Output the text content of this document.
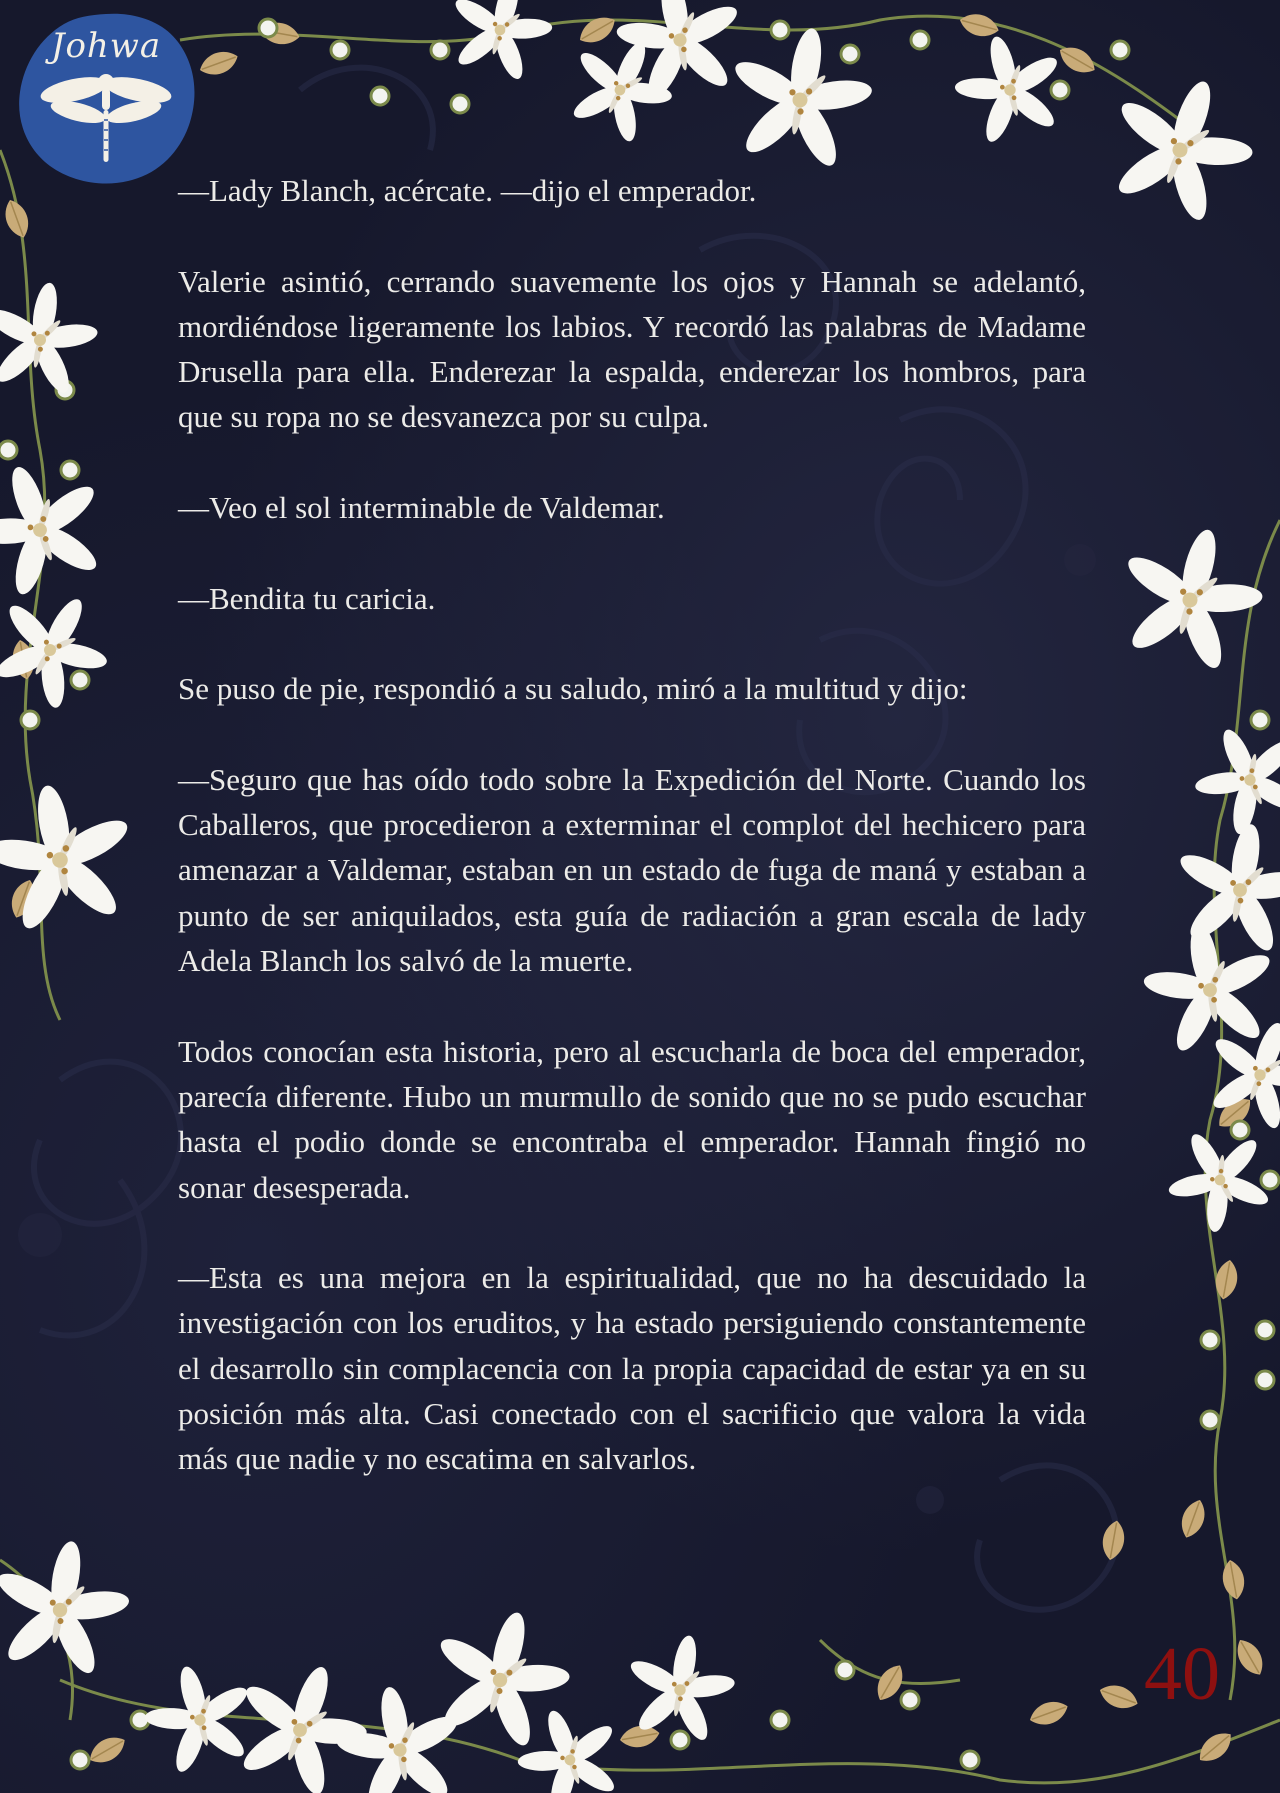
Johwa

—Lady Blanch, acércate. —dijo el emperador.

Valerie asintió, cerrando suavemente los ojos y Hannah se adelantó, mordiéndose ligeramente los labios. Y recordó las palabras de Madame Drusella para ella. Enderezar la espalda, enderezar los hombros, para que su ropa no se desvanezca por su culpa.

—Veo el sol interminable de Valdemar.

—Bendita tu caricia.

Se puso de pie, respondió a su saludo, miró a la multitud y dijo:

—Seguro que has oído todo sobre la Expedición del Norte. Cuando los Caballeros, que procedieron a exterminar el complot del hechicero para amenazar a Valdemar, estaban en un estado de fuga de maná y estaban a punto de ser aniquilados, esta guía de radiación a gran escala de lady Adela Blanch los salvó de la muerte.

Todos conocían esta historia, pero al escucharla de boca del emperador, parecía diferente. Hubo un murmullo de sonido que no se pudo escuchar hasta el podio donde se encontraba el emperador. Hannah fingió no sonar desesperada.

—Esta es una mejora en la espiritualidad, que no ha descuidado la investigación con los eruditos, y ha estado persiguiendo constantemente el desarrollo sin complacencia con la propia capacidad de estar ya en su posición más alta. Casi conectado con el sacrificio que valora la vida más que nadie y no escatima en salvarlos.

40
